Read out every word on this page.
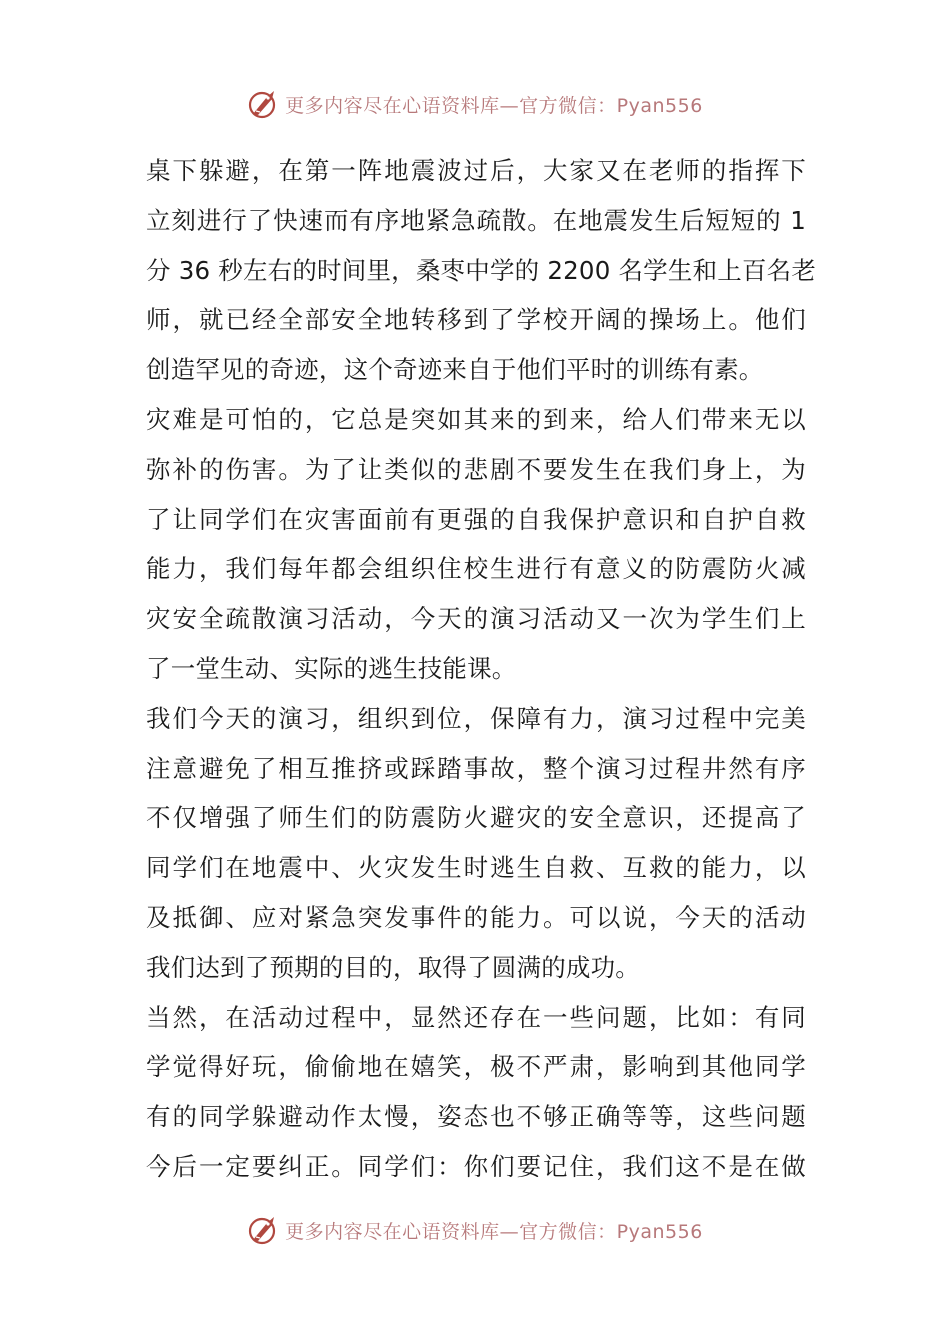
更多内容尽在心语资料库—官方微信：Pyan556
桌下躲避，在第一阵地震波过后，大家又在老师的指挥下
立刻进行了快速而有序地紧急疏散。在地震发生后短短的 1
分 36 秒左右的时间里，桑枣中学的 2200 名学生和上百名老
师，就已经全部安全地转移到了学校开阔的操场上。他们
创造罕见的奇迹，这个奇迹来自于他们平时的训练有素。
灾难是可怕的，它总是突如其来的到来，给人们带来无以
弥补的伤害。为了让类似的悲剧不要发生在我们身上，为
了让同学们在灾害面前有更强的自我保护意识和自护自救
能力，我们每年都会组织住校生进行有意义的防震防火减
灾安全疏散演习活动，今天的演习活动又一次为学生们上
了一堂生动、实际的逃生技能课。
我们今天的演习，组织到位，保障有力，演习过程中完美
注意避免了相互推挤或踩踏事故，整个演习过程井然有序
不仅增强了师生们的防震防火避灾的安全意识，还提高了
同学们在地震中、火灾发生时逃生自救、互救的能力，以
及抵御、应对紧急突发事件的能力。可以说，今天的活动
我们达到了预期的目的，取得了圆满的成功。
当然，在活动过程中，显然还存在一些问题，比如：有同
学觉得好玩，偷偷地在嬉笑，极不严肃，影响到其他同学
有的同学躲避动作太慢，姿态也不够正确等等，这些问题
今后一定要纠正。同学们：你们要记住，我们这不是在做
更多内容尽在心语资料库—官方微信：Pyan556
